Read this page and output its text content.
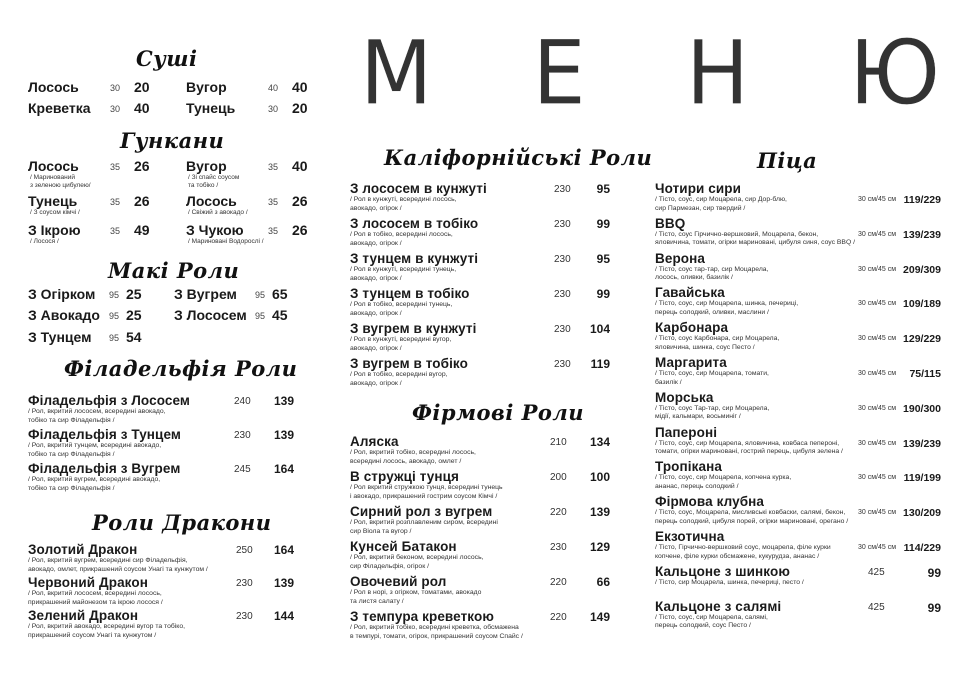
М Е Н Ю
Суші
Лосось	30 20	Вугор	40 40
Креветка 30 40	Тунець	30 20
Гункани
Лосось	35 26
/ Маринований
з зеленою цибулею/
Вугор	35 40
/ Зі спайс соусом
та тобіко /
Тунець	35 26
/ З соусом кімчі /
Лосось	35 26
/ Свіжий з авокадо /
З Ікрою	35 49
/ Лосося /
З Чукою	35 26
/ Мариновані Водорослі /
Макі Роли
З Огірком 95 25 З Вугрем 95 65
З Авокадо 95 25 З Лососем 95 45
З Тунцем 95 54
Філадельфія Роли
Філадельфія з Лососем
/ Рол, вкритий лососем, всередині авокадо,
тобіко та сир Філадельфія /
240 139
Філадельфія з Тунцем
/ Рол, вкритий тунцем, всередині авокадо,
тобіко та сир Філадельфія /
230 139
Філадельфія з Вугрем
/ Рол, вкритий вугрем, всередині авокадо,
тобіко та сир Філадельфія /
245 164
Роли Дракони
Золотий Дракон
/ Рол, вкритий вугрем, всередині сир Філадельфія,
авокадо, омлет, прикрашений соусом Унагі та кунжутом /
250 164
Червоний Дракон
/ Рол, вкритий лососем, всередині лосось,
прикрашений майонезом та ікрою лосося /
230 139
Зелений Дракон
/ Рол, вкритий авокадо, всередині вугор та тобіко,
прикрашений соусом Унагі та кунжутом /
230 144
Каліфорнійські Роли
З лососем в кунжуті
/ Рол в кунжуті, всередині лосось,
авокадо, огірок /
230 95
З лососем в тобіко
/ Рол в тобіко, всередині лосось,
авокадо, огірок /
230 99
З тунцем в кунжуті
/ Рол в кунжуті, всередині тунець,
авокадо, огірок /
230 95
З тунцем в тобіко
/ Рол в тобіко, всередині тунець,
авокадо, огірок /
230 99
З вугрем в кунжуті
/ Рол в кунжуті, всередині вугор,
авокадо, огірок /
230 104
З вугрем в тобіко
/ Рол в тобіко, всередині вугор,
авокадо, огірок /
230 119
Фірмові Роли
Аляска
/ Рол, вкритий тобіко, всередині лосось,
всередині лосось, авокадо, омлет /
210 134
В стружці тунця
/ Рол вкритий стружкою тунця, всередині тунець
і авокадо, прикрашений гострим соусом Кімчі /
200 100
Сирний рол з вугрем
/ Рол, вкритий розплавленим сиром, всередині
сир Віола та вугор /
220 139
Кунсей Батакон
/ Рол, вкритий беконом, всередині лосось,
сир Філадельфія, огірок /
230 129
Овочевий рол
/ Рол в норі, з огірком, томатами, авокадо
та листя салату /
220 66
З темпура креветкою
/ Рол, вкритий тобіко, всередині креветка, обсмажена
в темпурі, томати, огірок, прикрашений соусом Спайс /
220 149
Піца
Чотири сири
/ Тісто, соус, сир Моцарела, сир Дор-блю,
сир Пармезан, сир твердий /
30 см/45 см 119/229
BBQ
/ Тісто, соус Гірчично-вершковий, Моцарела, бекон,
яловичина, томати, огірки мариновані, цибуля синя, соус BBQ /
30 см/45 см 139/239
Верона
/ Тісто, соус тар-тар, сир Моцарела,
лосось, оливки, базилік /
30 см/45 см 209/309
Гавайська
/ Тісто, соус, сир Моцарела, шинка, печериці,
перець солодкий, оливки, маслини /
30 см/45 см 109/189
Карбонара
/ Тісто, соус Карбонара, сир Моцарела,
яловичина, шинка, соус Песто /
30 см/45 см 129/229
Маргарита
/ Тісто, соус, сир Моцарела, томати,
базилік /
30 см/45 см 75/115
Морська
/ Тісто, соус Тар-тар, сир Моцарела,
мідії, кальмари, восьминіг /
30 см/45 см 190/300
Папероні
/ Тісто, соус, сир Моцарела, яловичина, ковбаса пепероні,
томати, огірки мариновані, гострий перець, цибуля зелена /
30 см/45 см 139/239
Тропікана
/ Тісто, соус, сир Моцарела, копчена курка,
ананас, перець солодкий /
30 см/45 см 119/199
Фірмова клубна
/ Тісто, соус, Моцарела, мисливські ковбаски, салямі, бекон,
перець солодкий, цибуля порей, огірки мариновані, орегано /
30 см/45 см 130/209
Екзотична
/ Тісто, Гірчично-вершковий соус, моцарела, філе курки
копчене, філе курки обсмажене, кукурудза, ананас /
30 см/45 см 114/229
Кальцоне з шинкою
/ Тісто, сир Моцарела, шинка, печериці, песто /
425	99
Кальцоне з салямі
/ Тісто, соус, сир Моцарела, салямі,
перець солодкий, соус Песто /
425	99
